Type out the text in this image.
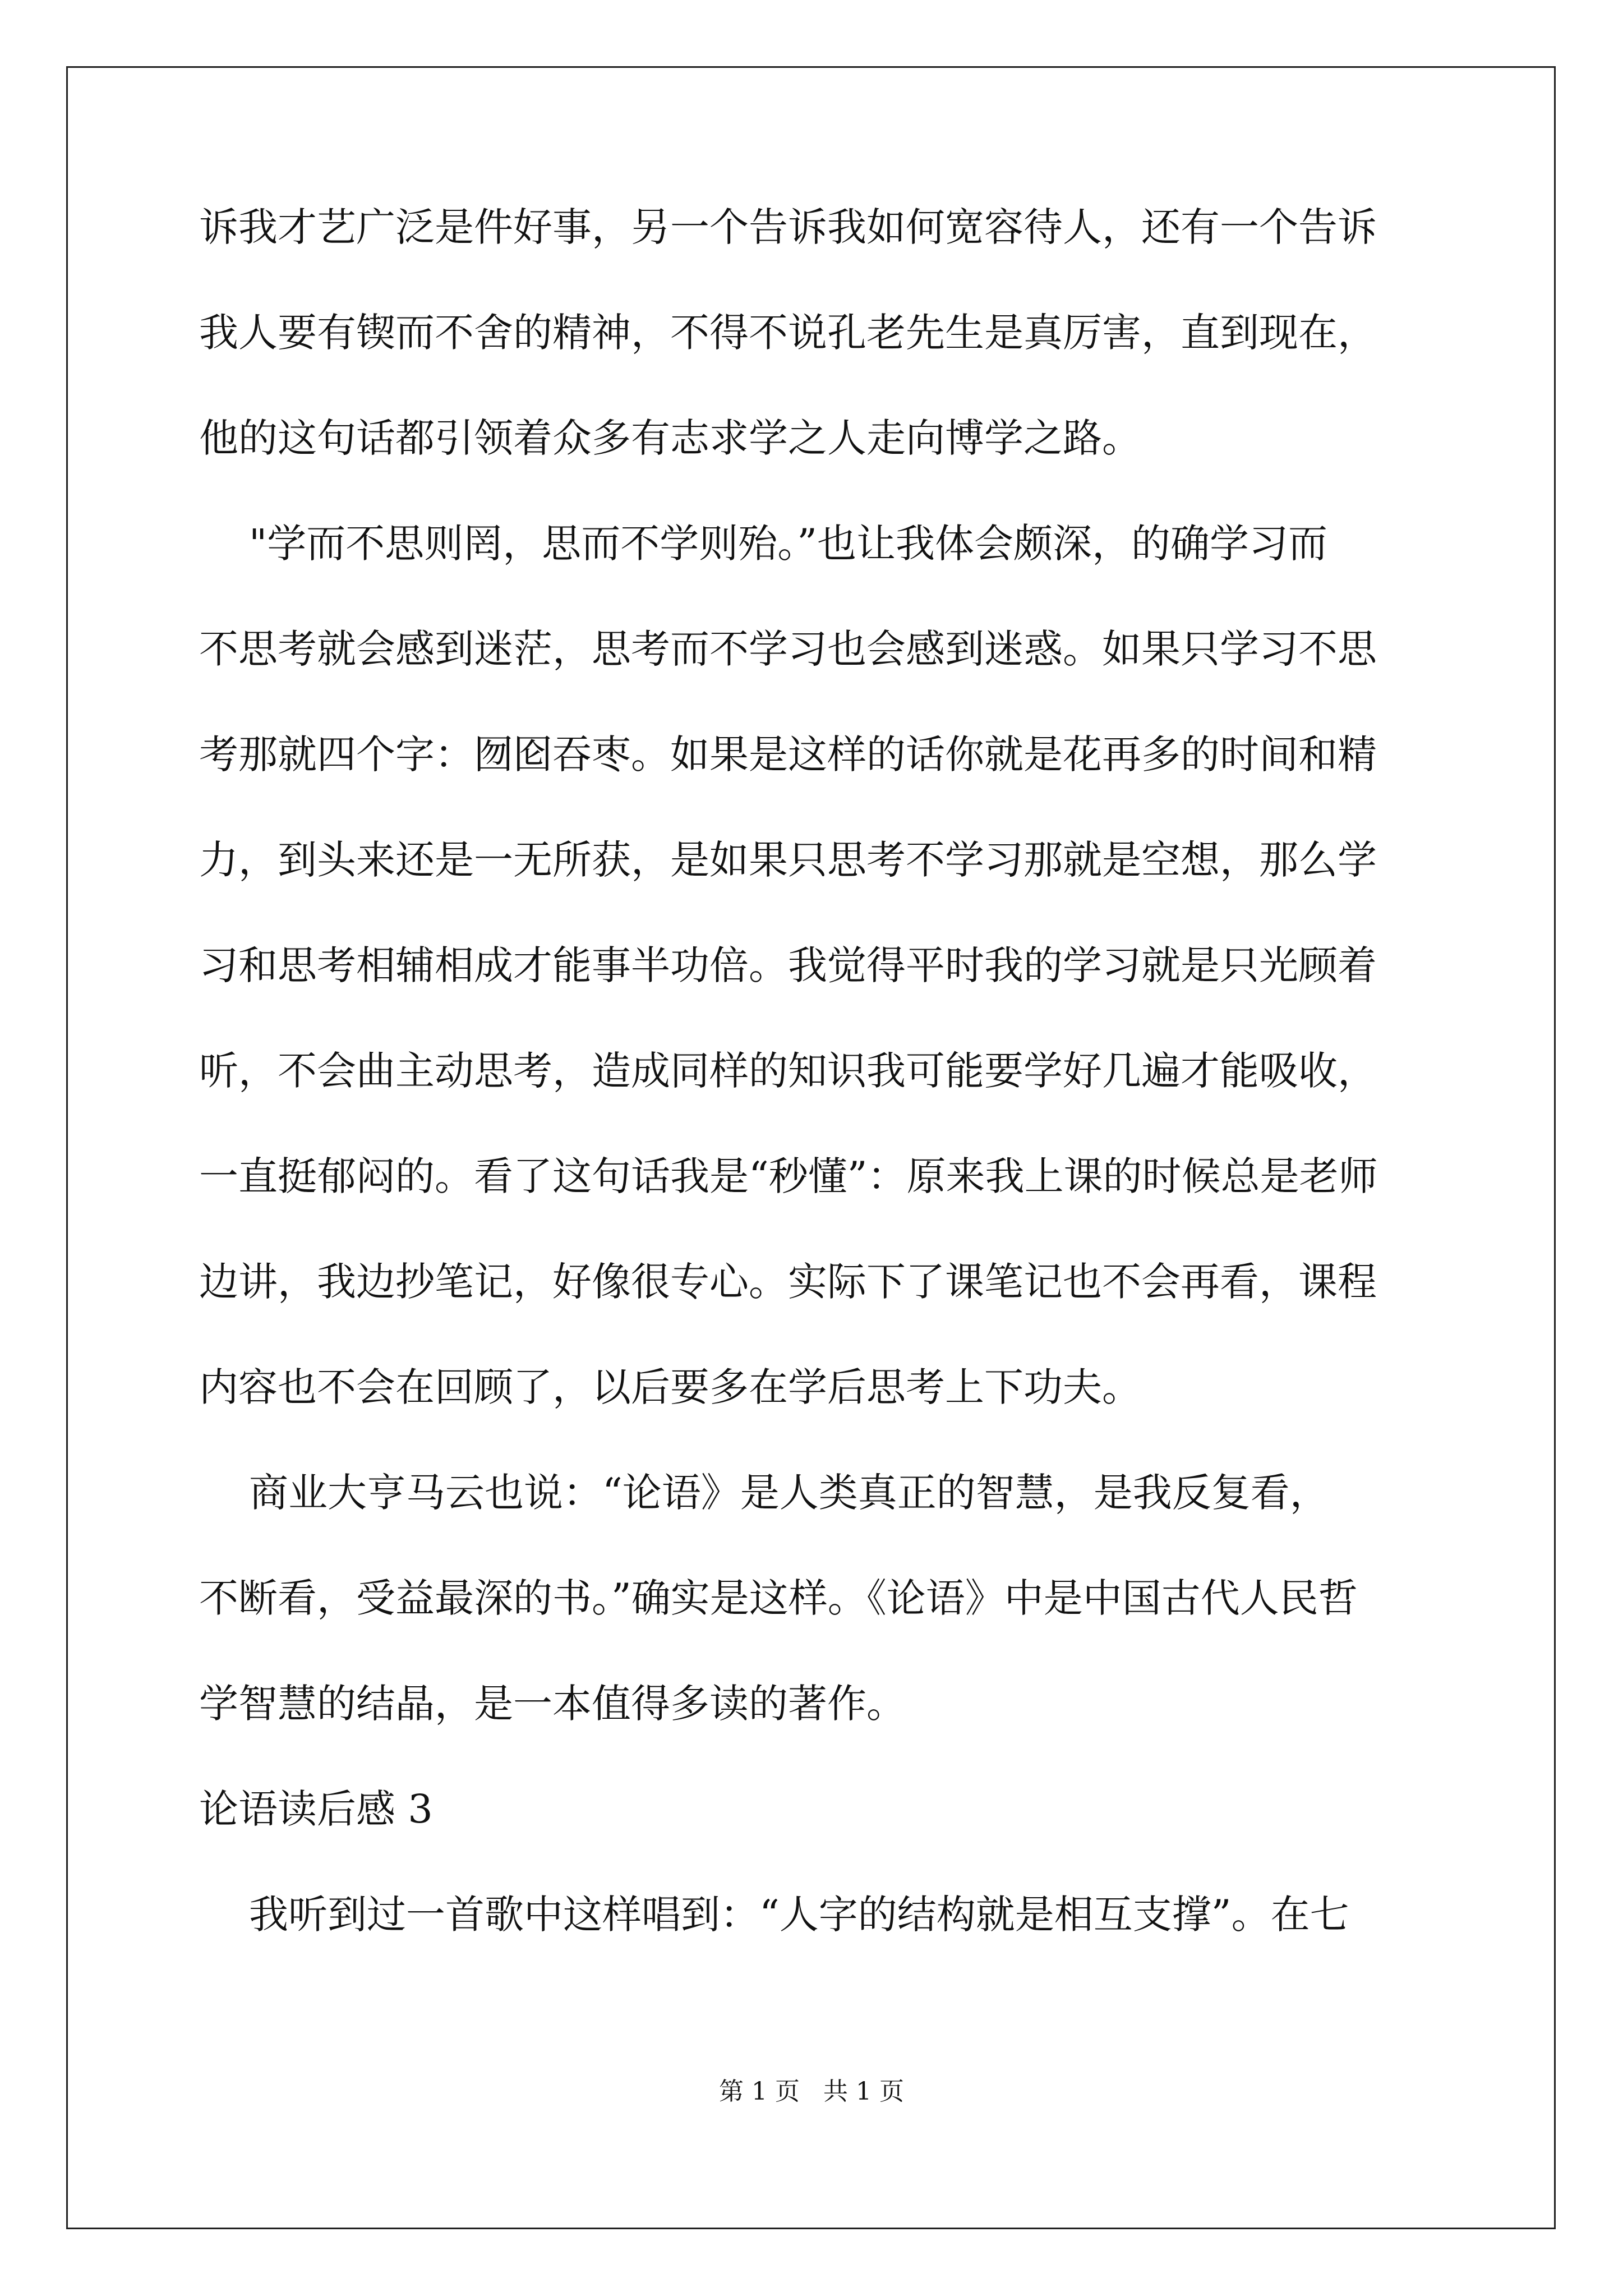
诉我才艺广泛是件好事，另一个告诉我如何宽容待人，还有一个告诉
我人要有锲而不舍的精神，不得不说孔老先生是真厉害，直到现在，
他的这句话都引领着众多有志求学之人走向博学之路。
"学而不思则罔，思而不学则殆。”也让我体会颇深，的确学习而
不思考就会感到迷茫，思考而不学习也会感到迷惑。如果只学习不思
考那就四个字：囫囵吞枣。如果是这样的话你就是花再多的时间和精
力，到头来还是一无所获，是如果只思考不学习那就是空想，那么学
习和思考相辅相成才能事半功倍。我觉得平时我的学习就是只光顾着
听，不会曲主动思考，造成同样的知识我可能要学好几遍才能吸收，
一直挺郁闷的。看了这句话我是“秒懂”：原来我上课的时候总是老师
边讲，我边抄笔记，好像很专心。实际下了课笔记也不会再看，课程
内容也不会在回顾了，以后要多在学后思考上下功夫。
商业大亨马云也说：“论语》是人类真正的智慧，是我反复看，
不断看，受益最深的书。”确实是这样。《论语》中是中国古代人民哲
学智慧的结晶，是一本值得多读的著作。
论语读后感 3
我听到过一首歌中这样唱到：“人字的结构就是相互支撑”。在七
第 1 页   共 1 页
